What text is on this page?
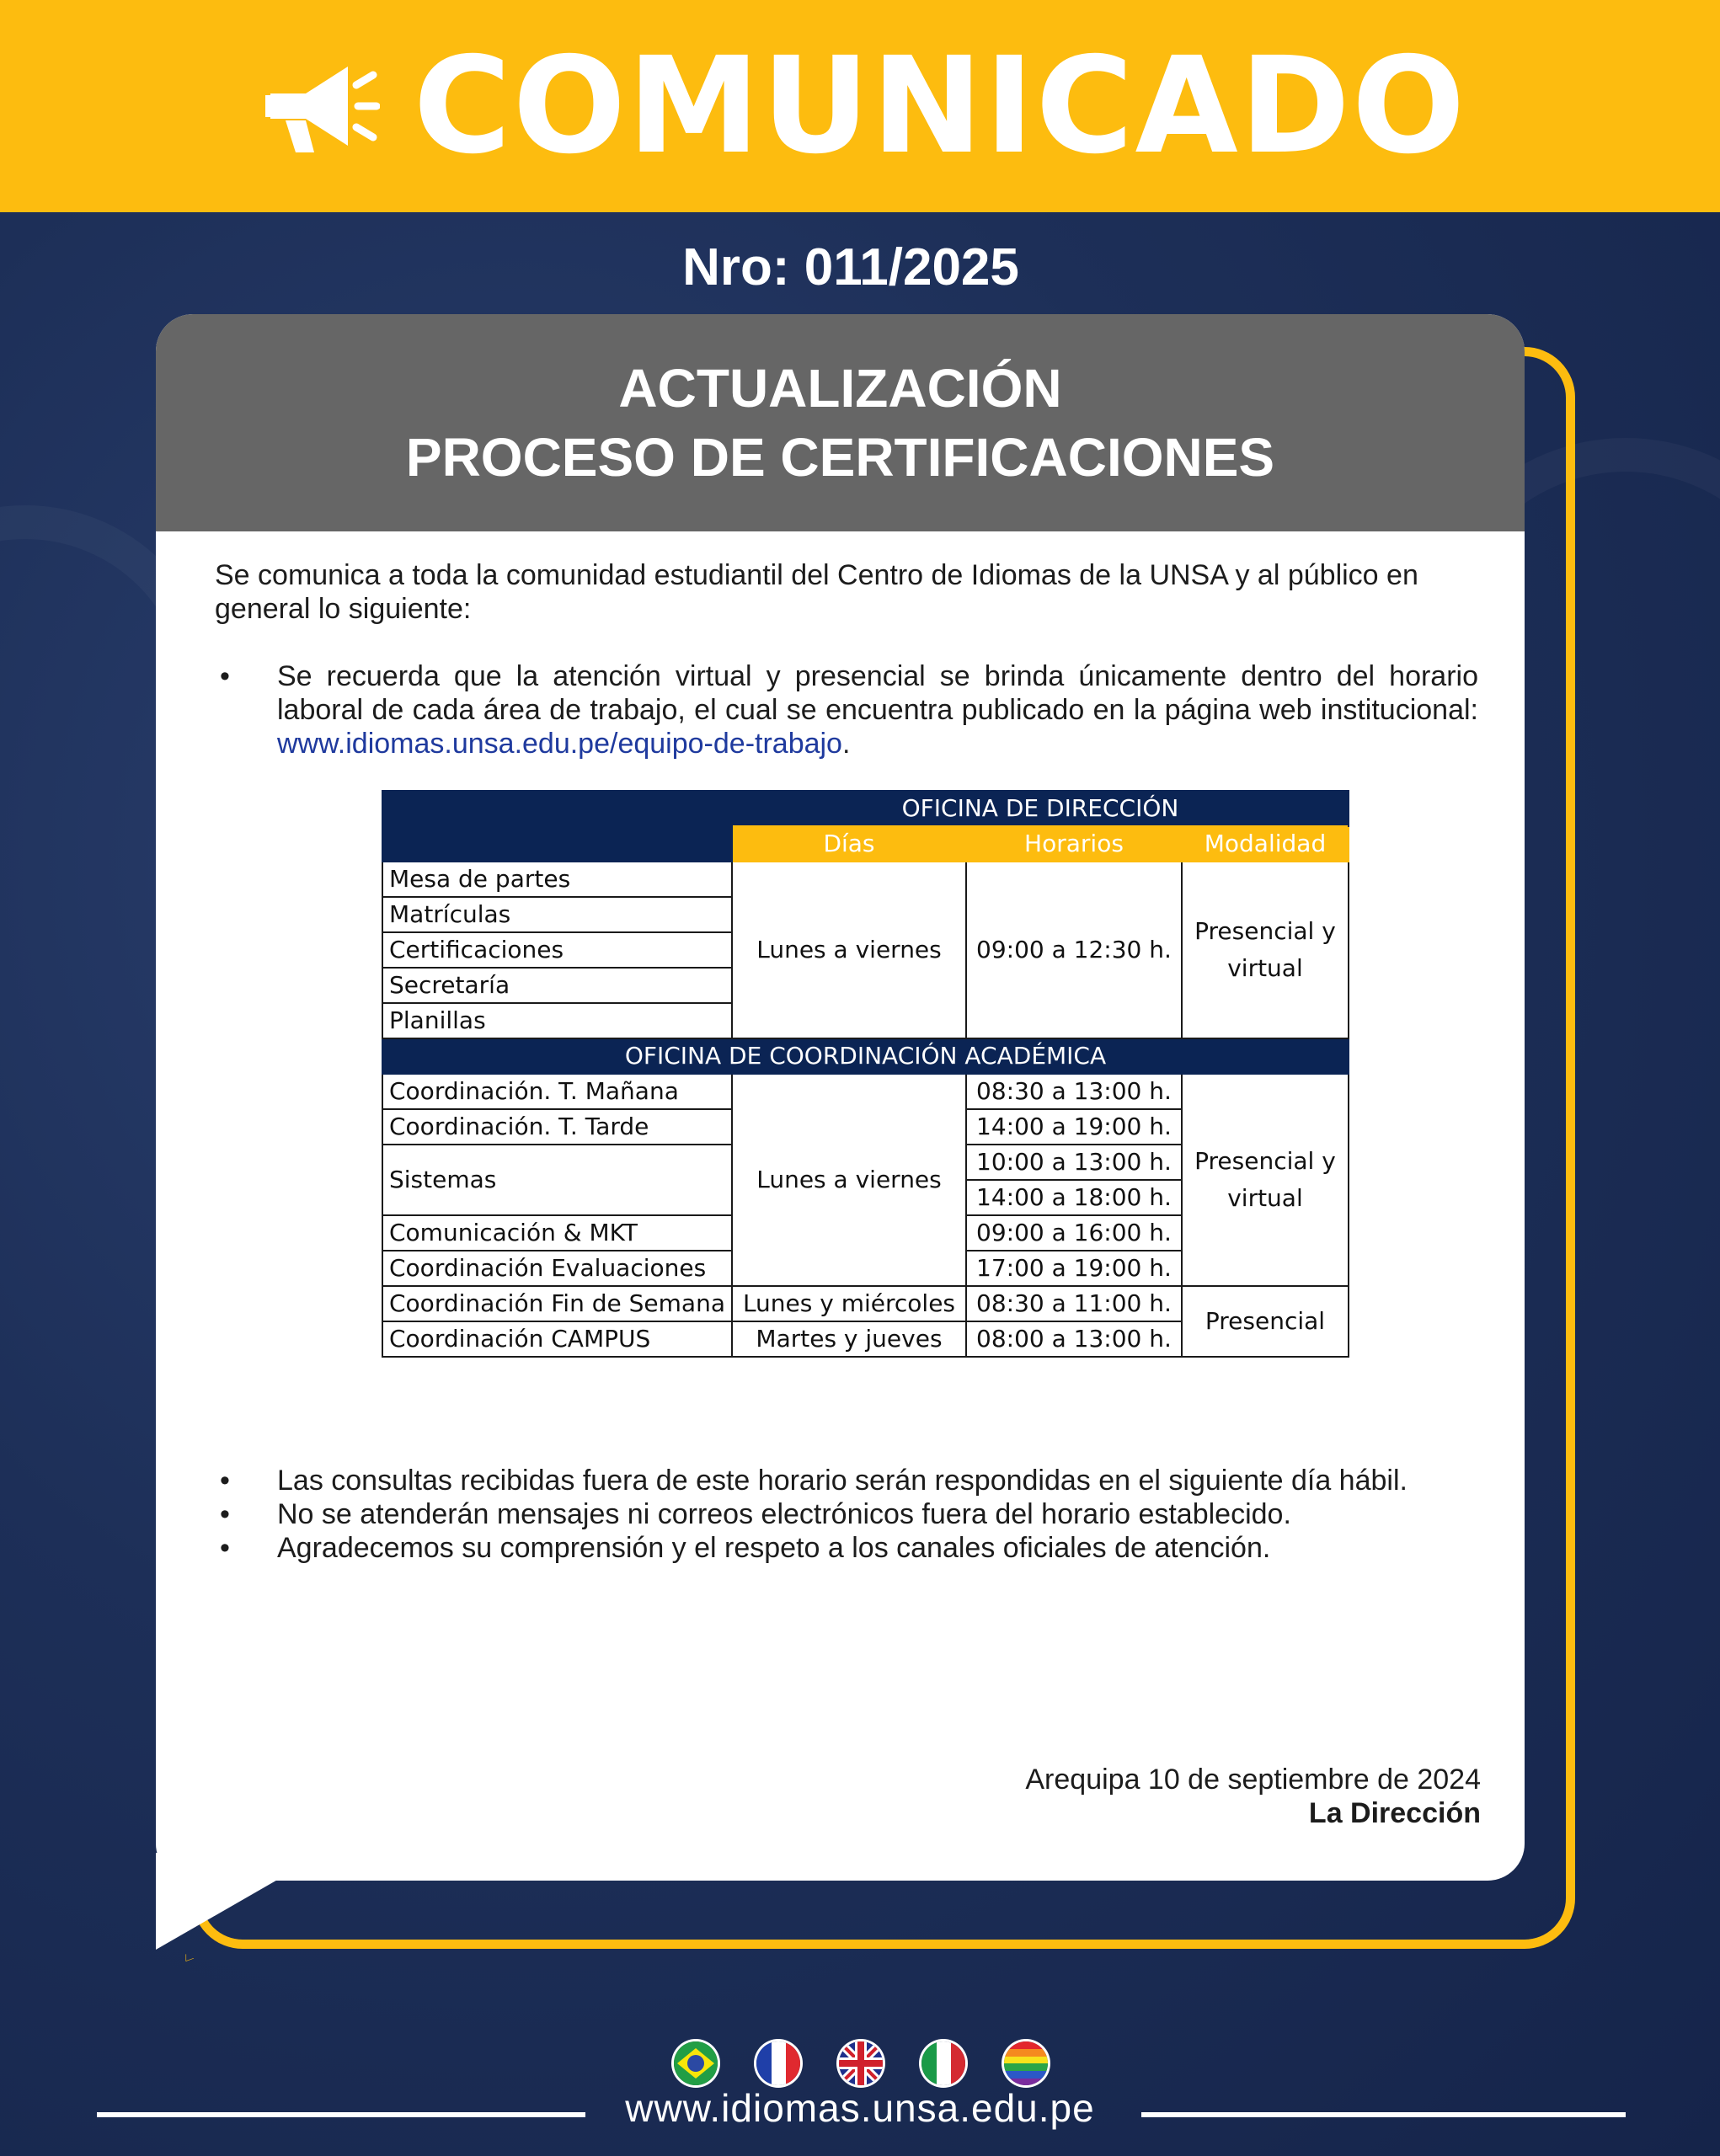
COMUNICADO
Nro: 011/2025
ACTUALIZACIÓN
PROCESO DE CERTIFICACIONES

Se comunica a toda la comunidad estudiantil del Centro de Idiomas de la UNSA y al público en general lo siguiente:

• Se recuerda que la atención virtual y presencial se brinda únicamente dentro del horario laboral de cada área de trabajo, el cual se encuentra publicado en la página web institucional: www.idiomas.unsa.edu.pe/equipo-de-trabajo.
	OFICINA DE DIRECCIÓN		
	Días	Horarios	Modalidad
Mesa de partes	Lunes a viernes	09:00 a 12:30 h.	Presencial y virtual
Matrículas			
Certificaciones			
Secretaría			
Planillas			
OFICINA DE COORDINACIÓN ACADÉMICA			
Coordinación. T. Mañana	Lunes a viernes	08:30 a 13:00 h.	Presencial y virtual
Coordinación. T. Tarde		14:00 a 19:00 h.	
Sistemas		10:00 a 13:00 h.	
		14:00 a 18:00 h.	
Comunicación & MKT		09:00 a 16:00 h.	
Coordinación Evaluaciones		17:00 a 19:00 h.	
Coordinación Fin de Semana	Lunes y miércoles	08:30 a 11:00 h.	Presencial
Coordinación CAMPUS	Martes y jueves	08:00 a 13:00 h.	
• Las consultas recibidas fuera de este horario serán respondidas en el siguiente día hábil.
• No se atenderán mensajes ni correos electrónicos fuera del horario establecido.
• Agradecemos su comprensión y el respeto a los canales oficiales de atención.
Arequipa 10 de septiembre de 2024
La Dirección
www.idiomas.unsa.edu.pe
